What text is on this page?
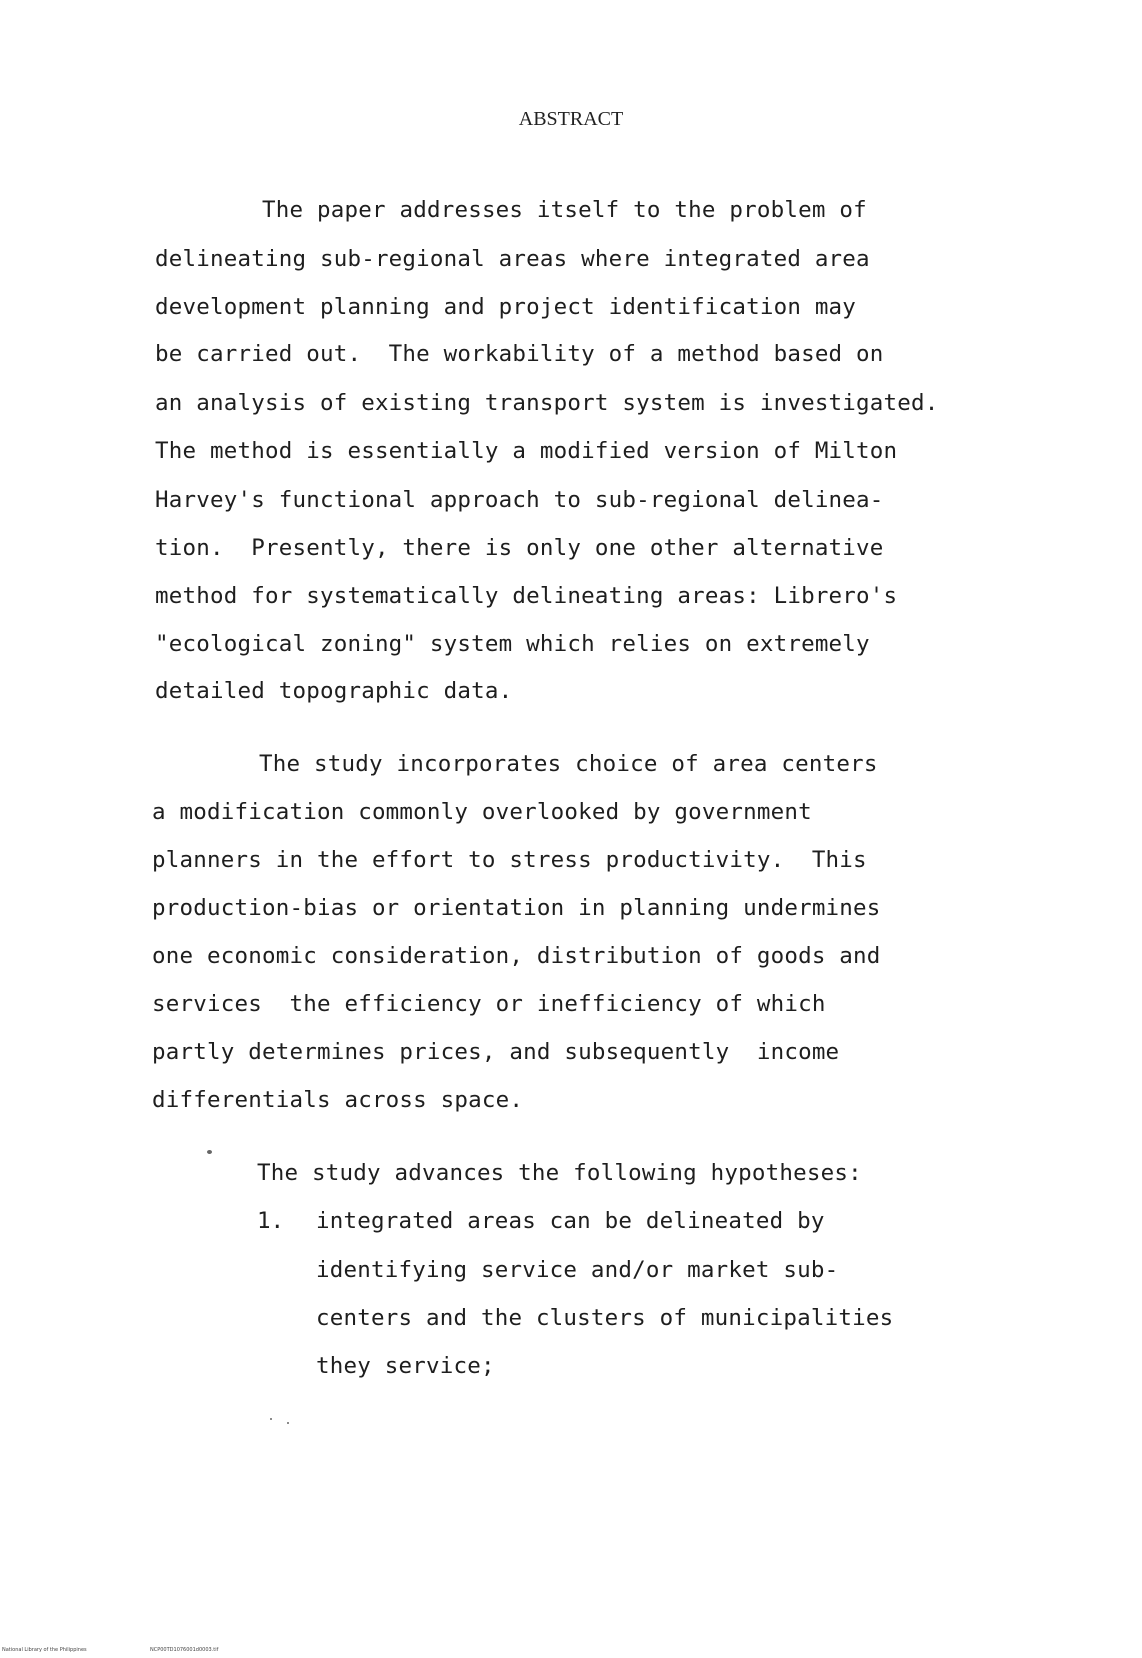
ABSTRACT
The paper addresses itself to the problem of
delineating sub-regional areas where integrated area
development planning and project identification may
be carried out.  The workability of a method based on
an analysis of existing transport system is investigated.
The method is essentially a modified version of Milton
Harvey's functional approach to sub-regional delinea-
tion.  Presently, there is only one other alternative
method for systematically delineating areas: Librero's
"ecological zoning" system which relies on extremely
detailed topographic data.
The study incorporates choice of area centers
a modification commonly overlooked by government
planners in the effort to stress productivity.  This
production-bias or orientation in planning undermines
one economic consideration, distribution of goods and
services  the efficiency or inefficiency of which
partly determines prices, and subsequently  income
differentials across space.
The study advances the following hypotheses:
1. integrated areas can be delineated by
identifying service and/or market sub-
centers and the clusters of municipalities
they service;
National Library of the Philippines	NCP00TD1076001d0003.tif
